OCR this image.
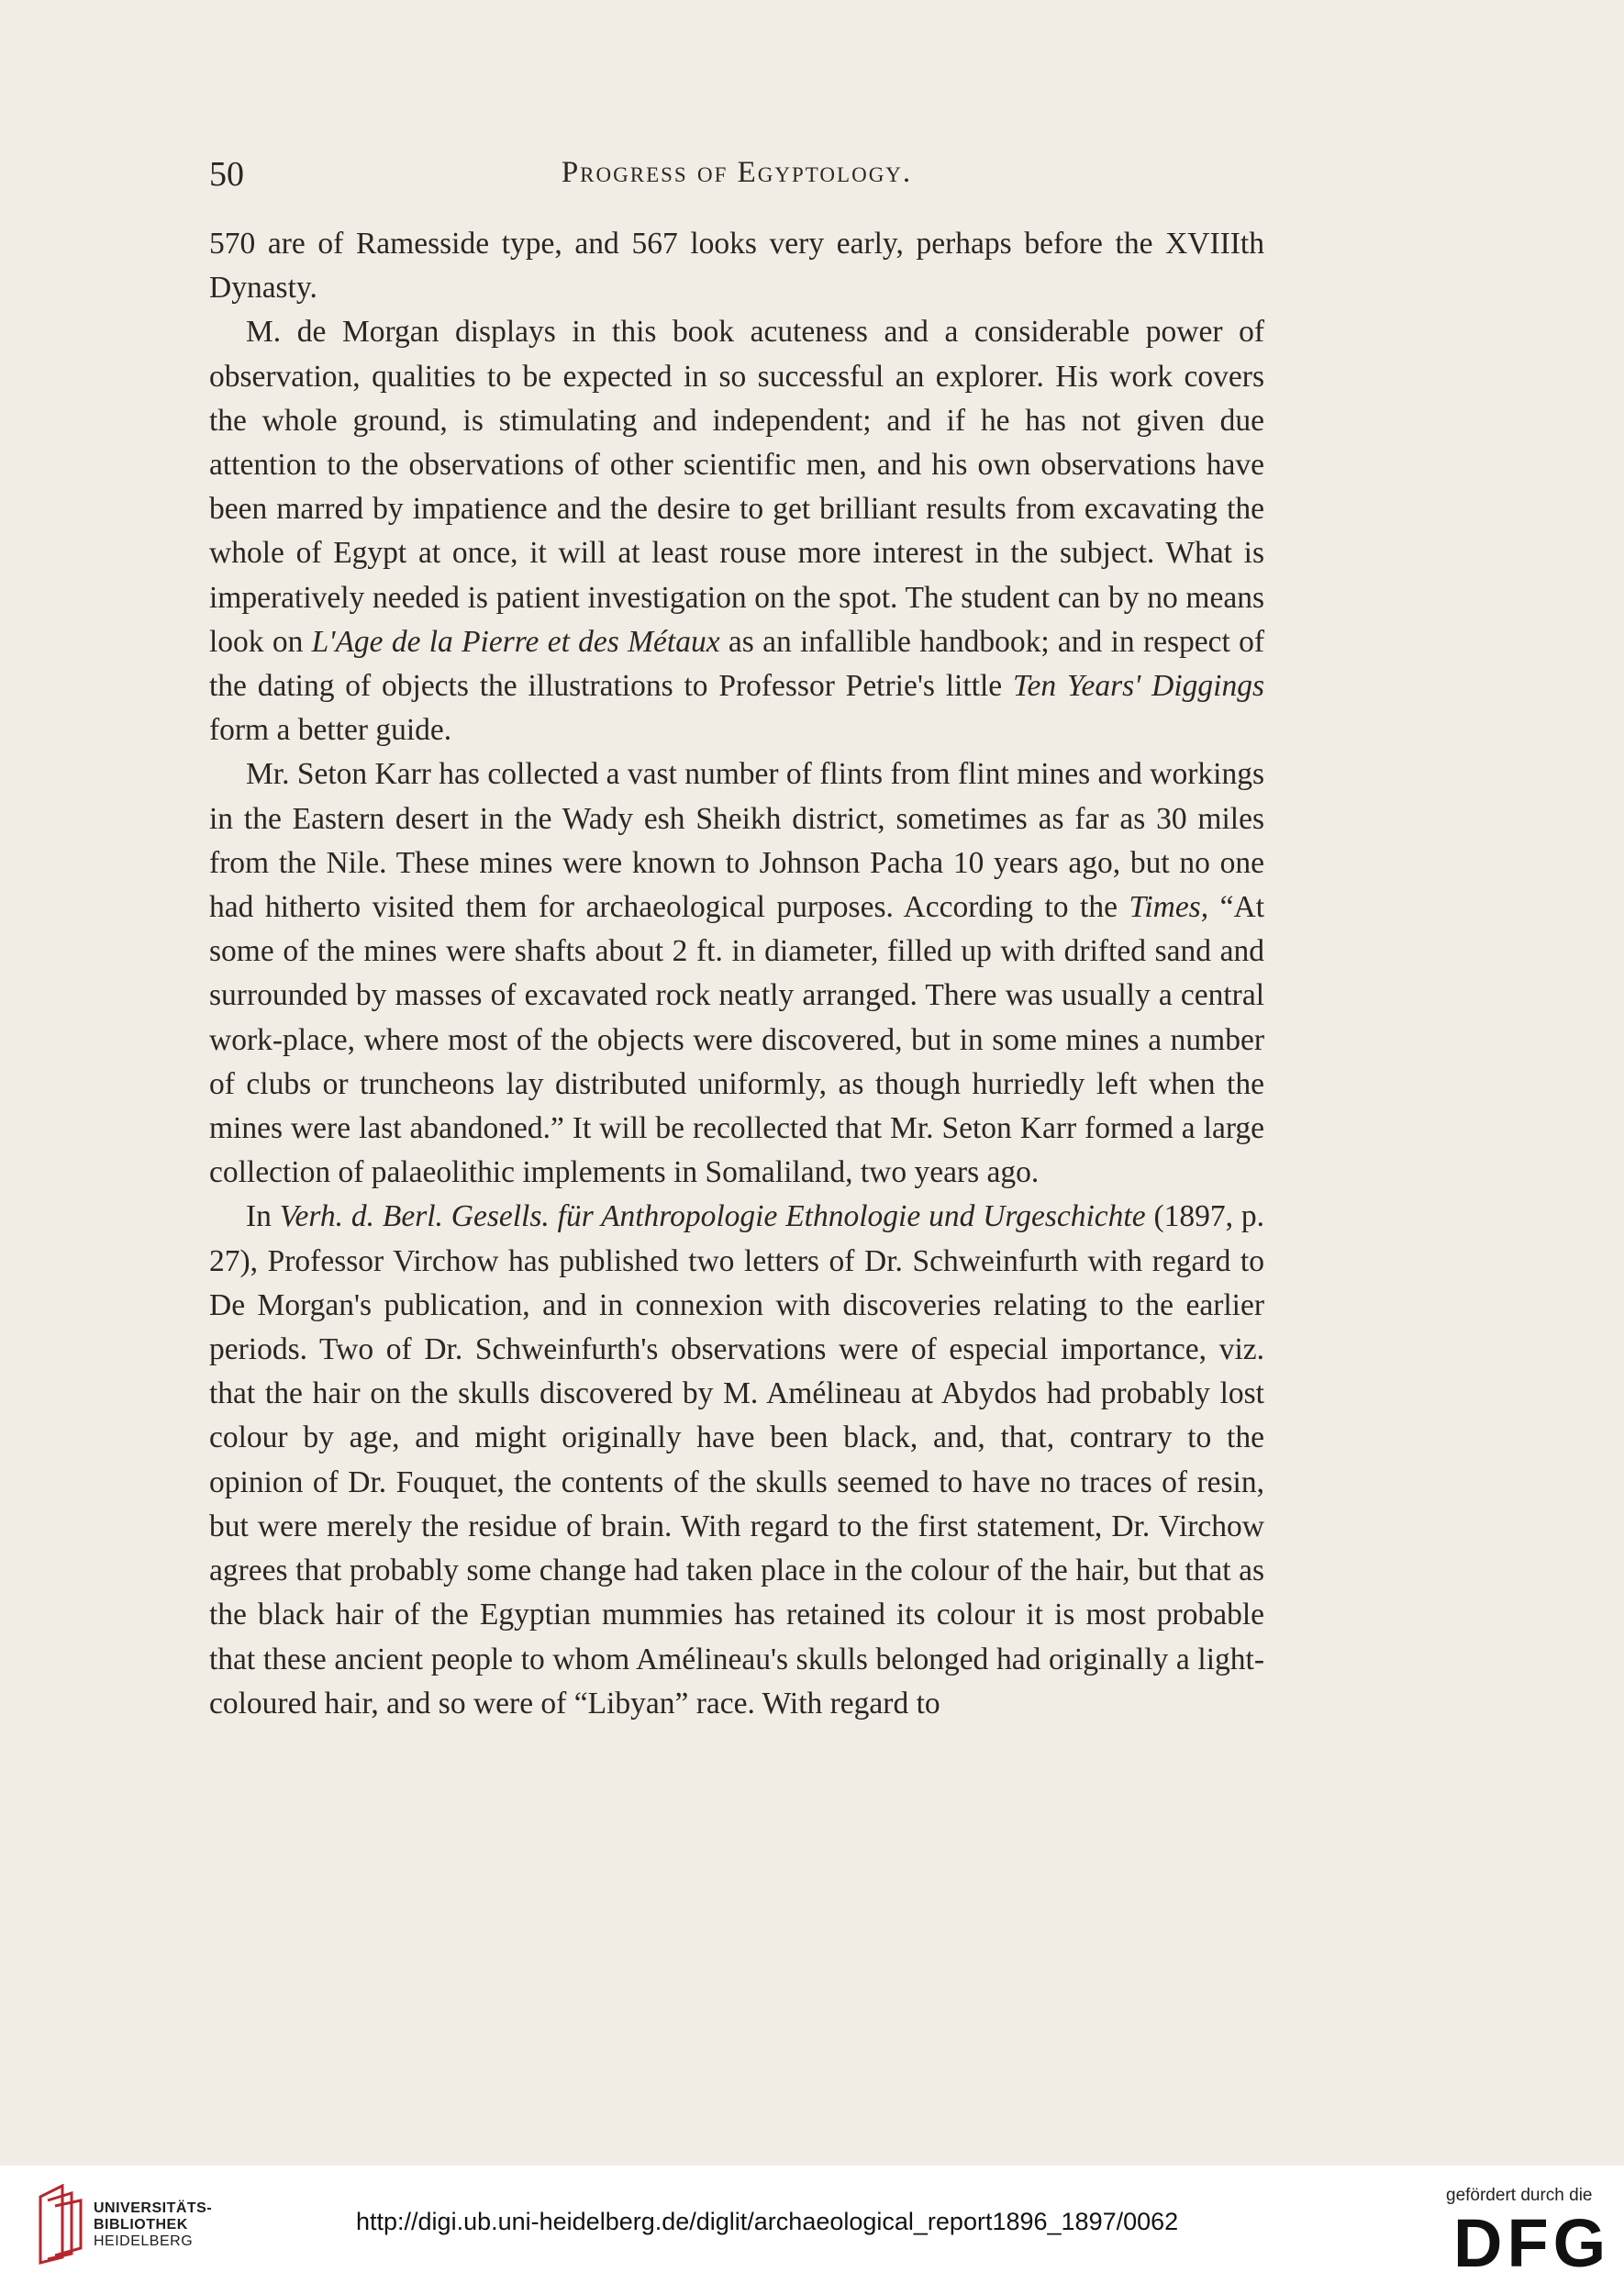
50	Progress of Egyptology.

570 are of Ramesside type, and 567 looks very early, perhaps before the XVIIIth Dynasty.

M. de Morgan displays in this book acuteness and a considerable power of observation, qualities to be expected in so successful an explorer. His work covers the whole ground, is stimulating and independent; and if he has not given due attention to the observations of other scientific men, and his own observations have been marred by impatience and the desire to get brilliant results from excavating the whole of Egypt at once, it will at least rouse more interest in the subject. What is imperatively needed is patient investigation on the spot. The student can by no means look on L'Age de la Pierre et des Métaux as an infallible handbook; and in respect of the dating of objects the illustrations to Professor Petrie's little Ten Years' Diggings form a better guide.

Mr. Seton Karr has collected a vast number of flints from flint mines and workings in the Eastern desert in the Wady esh Sheikh district, sometimes as far as 30 miles from the Nile. These mines were known to Johnson Pacha 10 years ago, but no one had hitherto visited them for archaeological purposes. According to the Times, “At some of the mines were shafts about 2 ft. in diameter, filled up with drifted sand and surrounded by masses of excavated rock neatly arranged. There was usually a central work-place, where most of the objects were discovered, but in some mines a number of clubs or truncheons lay distributed uniformly, as though hurriedly left when the mines were last abandoned.” It will be recollected that Mr. Seton Karr formed a large collection of palaeolithic implements in Somaliland, two years ago.

In Verh. d. Berl. Gesells. für Anthropologie Ethnologie und Urgeschichte (1897, p. 27), Professor Virchow has published two letters of Dr. Schweinfurth with regard to De Morgan's publication, and in connexion with discoveries relating to the earlier periods. Two of Dr. Schweinfurth's observations were of especial importance, viz. that the hair on the skulls discovered by M. Amélineau at Abydos had probably lost colour by age, and might originally have been black, and, that, contrary to the opinion of Dr. Fouquet, the contents of the skulls seemed to have no traces of resin, but were merely the residue of brain. With regard to the first statement, Dr. Virchow agrees that probably some change had taken place in the colour of the hair, but that as the black hair of the Egyptian mummies has retained its colour it is most probable that these ancient people to whom Amélineau's skulls belonged had originally a light-coloured hair, and so were of “Libyan” race. With regard to

UNIVERSITÄTS-
BIBLIOTHEK
HEIDELBERG
http://digi.ub.uni-heidelberg.de/diglit/archaeological_report1896_1897/0062
gefördert durch die
DFG
